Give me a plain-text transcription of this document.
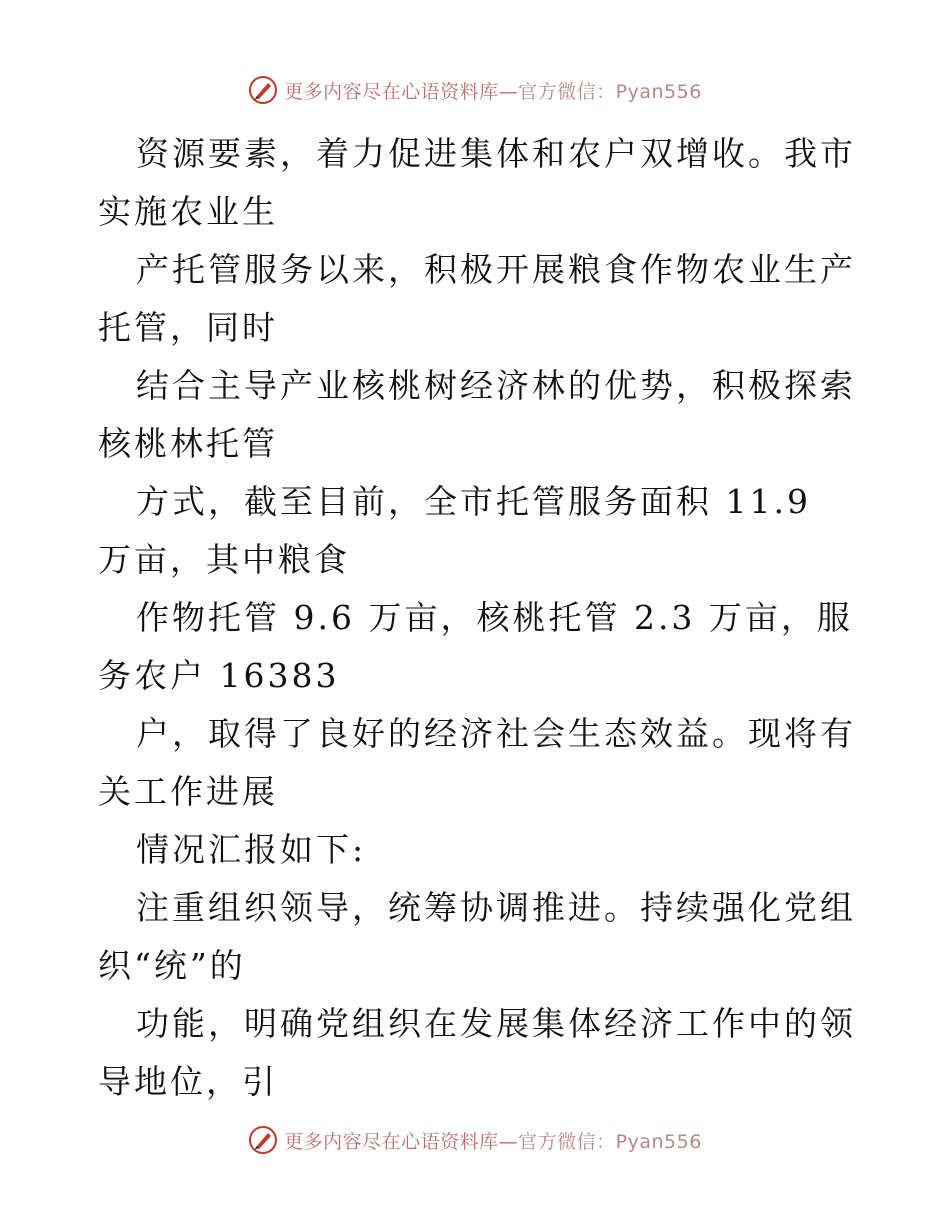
更多内容尽在心语资料库—官方微信：Pyan556

资源要素，着力促进集体和农户双增收。我市实施农业生

产托管服务以来，积极开展粮食作物农业生产托管，同时

结合主导产业核桃树经济林的优势，积极探索核桃林托管

方式，截至目前，全市托管服务面积 11.9 万亩，其中粮食

作物托管 9.6 万亩，核桃托管 2.3 万亩，服务农户 16383

户，取得了良好的经济社会生态效益。现将有关工作进展

情况汇报如下:

注重组织领导，统筹协调推进。持续强化党组织“统”的

功能，明确党组织在发展集体经济工作中的领导地位，引

更多内容尽在心语资料库—官方微信：Pyan556
